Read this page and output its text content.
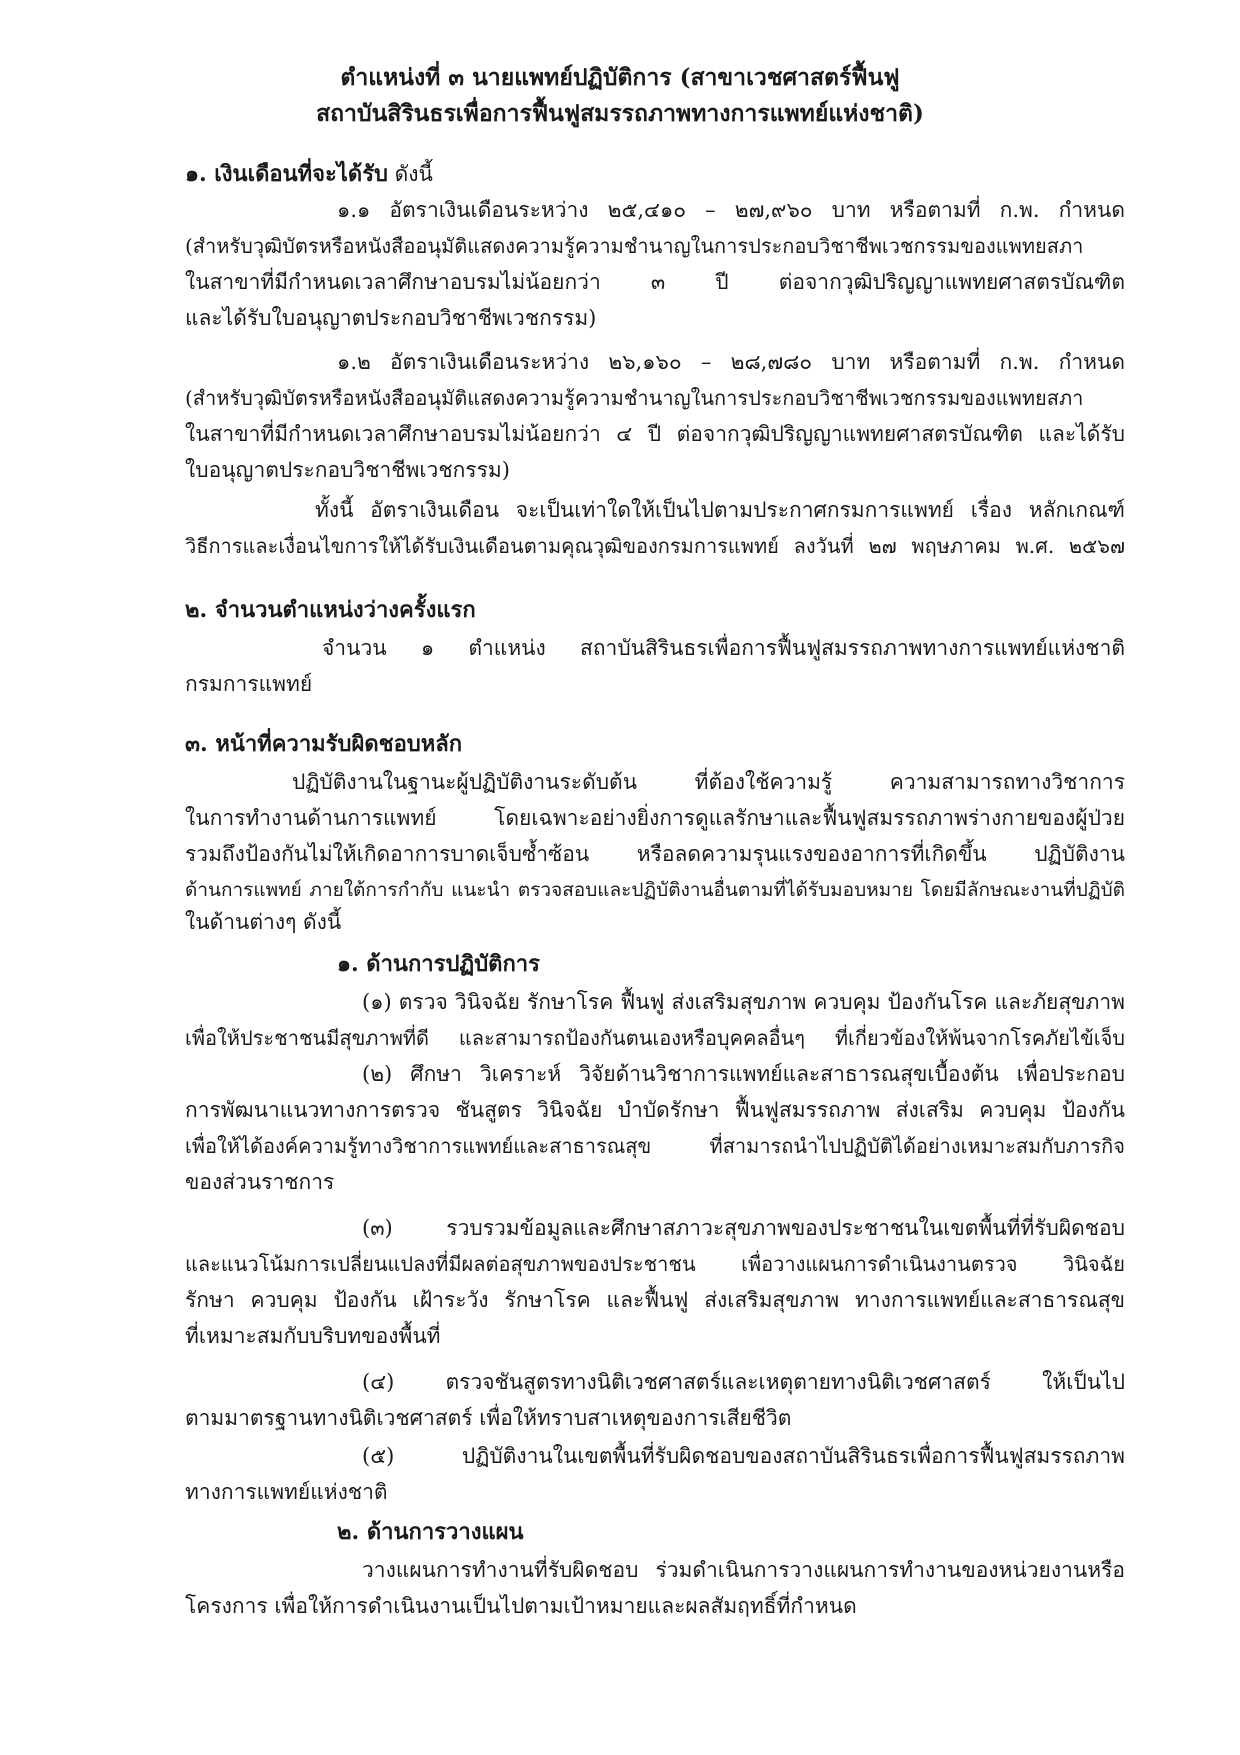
ตำแหน่งที่ ๓ นายแพทย์ปฏิบัติการ (สาขาเวชศาสตร์ฟื้นฟู
สถาบันสิรินธรเพื่อการฟื้นฟูสมรรถภาพทางการแพทย์แห่งชาติ)
๑. เงินเดือนที่จะได้รับ ดังนี้
๑.๑ อัตราเงินเดือนระหว่าง ๒๕,๔๑๐ – ๒๗,๙๖๐ บาท หรือตามที่ ก.พ. กำหนด
(สำหรับวุฒิบัตรหรือหนังสืออนุมัติแสดงความรู้ความชำนาญในการประกอบวิชาชีพเวชกรรมของแพทยสภา
ในสาขาที่มีกำหนดเวลาศึกษาอบรมไม่น้อยกว่า ๓ ปี ต่อจากวุฒิปริญญาแพทยศาสตรบัณฑิต
และได้รับใบอนุญาตประกอบวิชาชีพเวชกรรม)
๑.๒ อัตราเงินเดือนระหว่าง ๒๖,๑๖๐ – ๒๘,๗๘๐ บาท หรือตามที่ ก.พ. กำหนด
(สำหรับวุฒิบัตรหรือหนังสืออนุมัติแสดงความรู้ความชำนาญในการประกอบวิชาชีพเวชกรรมของแพทยสภา
ในสาขาที่มีกำหนดเวลาศึกษาอบรมไม่น้อยกว่า ๔ ปี ต่อจากวุฒิปริญญาแพทยศาสตรบัณฑิต และได้รับ
ใบอนุญาตประกอบวิชาชีพเวชกรรม)
ทั้งนี้ อัตราเงินเดือน จะเป็นเท่าใดให้เป็นไปตามประกาศกรมการแพทย์ เรื่อง หลักเกณฑ์
วิธีการและเงื่อนไขการให้ได้รับเงินเดือนตามคุณวุฒิของกรมการแพทย์ ลงวันที่ ๒๗ พฤษภาคม พ.ศ. ๒๕๖๗
๒. จำนวนตำแหน่งว่างครั้งแรก
จำนวน ๑ ตำแหน่ง สถาบันสิรินธรเพื่อการฟื้นฟูสมรรถภาพทางการแพทย์แห่งชาติ
กรมการแพทย์
๓. หน้าที่ความรับผิดชอบหลัก
ปฏิบัติงานในฐานะผู้ปฏิบัติงานระดับต้น ที่ต้องใช้ความรู้ ความสามารถทางวิชาการ
ในการทำงานด้านการแพทย์ โดยเฉพาะอย่างยิ่งการดูแลรักษาและฟื้นฟูสมรรถภาพร่างกายของผู้ป่วย
รวมถึงป้องกันไม่ให้เกิดอาการบาดเจ็บซ้ำซ้อน หรือลดความรุนแรงของอาการที่เกิดขึ้น ปฏิบัติงาน
ด้านการแพทย์ ภายใต้การกำกับ แนะนำ ตรวจสอบและปฏิบัติงานอื่นตามที่ได้รับมอบหมาย โดยมีลักษณะงานที่ปฏิบัติ
ในด้านต่างๆ ดังนี้
๑. ด้านการปฏิบัติการ
(๑) ตรวจ วินิจฉัย รักษาโรค ฟื้นฟู ส่งเสริมสุขภาพ ควบคุม ป้องกันโรค และภัยสุขภาพ
เพื่อให้ประชาชนมีสุขภาพที่ดี และสามารถป้องกันตนเองหรือบุคคลอื่นๆ ที่เกี่ยวข้องให้พ้นจากโรคภัยไข้เจ็บ
(๒) ศึกษา วิเคราะห์ วิจัยด้านวิชาการแพทย์และสาธารณสุขเบื้องต้น เพื่อประกอบ
การพัฒนาแนวทางการตรวจ ชันสูตร วินิจฉัย บำบัดรักษา ฟื้นฟูสมรรถภาพ ส่งเสริม ควบคุม ป้องกัน
เพื่อให้ได้องค์ความรู้ทางวิชาการแพทย์และสาธารณสุข ที่สามารถนำไปปฏิบัติได้อย่างเหมาะสมกับภารกิจ
ของส่วนราชการ
(๓) รวบรวมข้อมูลและศึกษาสภาวะสุขภาพของประชาชนในเขตพื้นที่ที่รับผิดชอบ
และแนวโน้มการเปลี่ยนแปลงที่มีผลต่อสุขภาพของประชาชน เพื่อวางแผนการดำเนินงานตรวจ วินิจฉัย
รักษา ควบคุม ป้องกัน เฝ้าระวัง รักษาโรค และฟื้นฟู ส่งเสริมสุขภาพ ทางการแพทย์และสาธารณสุข
ที่เหมาะสมกับบริบทของพื้นที่
(๔) ตรวจชันสูตรทางนิติเวชศาสตร์และเหตุตายทางนิติเวชศาสตร์ ให้เป็นไป
ตามมาตรฐานทางนิติเวชศาสตร์ เพื่อให้ทราบสาเหตุของการเสียชีวิต
(๕) ปฏิบัติงานในเขตพื้นที่รับผิดชอบของสถาบันสิรินธรเพื่อการฟื้นฟูสมรรถภาพ
ทางการแพทย์แห่งชาติ
๒. ด้านการวางแผน
วางแผนการทำงานที่รับผิดชอบ ร่วมดำเนินการวางแผนการทำงานของหน่วยงานหรือ
โครงการ เพื่อให้การดำเนินงานเป็นไปตามเป้าหมายและผลสัมฤทธิ์ที่กำหนด
